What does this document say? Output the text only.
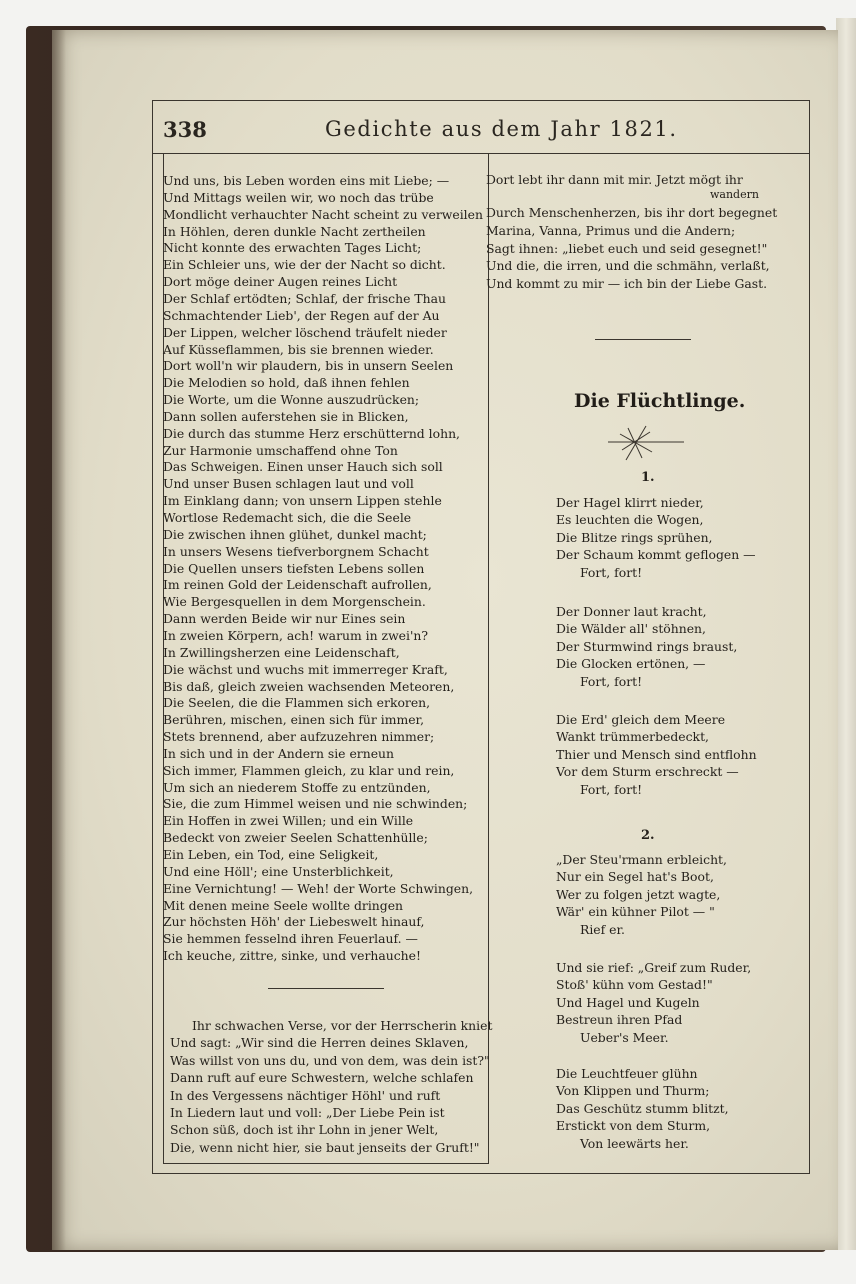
338	Gedichte aus dem Jahr 1821.
Und uns, bis Leben worden eins mit Liebe; —
Und Mittags weilen wir, wo noch das trübe
Mondlicht verhauchter Nacht scheint zu verweilen
In Höhlen, deren dunkle Nacht zertheilen
Nicht konnte des erwachten Tages Licht;
Ein Schleier uns, wie der der Nacht so dicht.
Dort möge deiner Augen reines Licht
Der Schlaf ertödten; Schlaf, der frische Thau
Schmachtender Lieb', der Regen auf der Au
Der Lippen, welcher löschend träufelt nieder
Auf Küsseflammen, bis sie brennen wieder.
Dort woll'n wir plaudern, bis in unsern Seelen
Die Melodien so hold, daß ihnen fehlen
Die Worte, um die Wonne auszudrücken;
Dann sollen auferstehen sie in Blicken,
Die durch das stumme Herz erschütternd lohn,
Zur Harmonie umschaffend ohne Ton
Das Schweigen. Einen unser Hauch sich soll
Und unser Busen schlagen laut und voll
Im Einklang dann; von unsern Lippen stehle
Wortlose Redemacht sich, die die Seele
Die zwischen ihnen glühet, dunkel macht;
In unsers Wesens tiefverborgnem Schacht
Die Quellen unsers tiefsten Lebens sollen
Im reinen Gold der Leidenschaft aufrollen,
Wie Bergesquellen in dem Morgenschein.
Dann werden Beide wir nur Eines sein
In zweien Körpern, ach! warum in zwei'n?
In Zwillingsherzen eine Leidenschaft,
Die wächst und wuchs mit immerreger Kraft,
Bis daß, gleich zweien wachsenden Meteoren,
Die Seelen, die die Flammen sich erkoren,
Berühren, mischen, einen sich für immer,
Stets brennend, aber aufzuzehren nimmer;
In sich und in der Andern sie erneun
Sich immer, Flammen gleich, zu klar und rein,
Um sich an niederem Stoffe zu entzünden,
Sie, die zum Himmel weisen und nie schwinden;
Ein Hoffen in zwei Willen; und ein Wille
Bedeckt von zweier Seelen Schattenhülle;
Ein Leben, ein Tod, eine Seligkeit,
Und eine Höll'; eine Unsterblichkeit,
Eine Vernichtung! — Weh! der Worte Schwingen,
Mit denen meine Seele wollte dringen
Zur höchsten Höh' der Liebeswelt hinauf,
Sie hemmen fesselnd ihren Feuerlauf. —
Ich keuche, zittre, sinke, und verhauche!
Ihr schwachen Verse, vor der Herrscherin kniet
Und sagt: „Wir sind die Herren deines Sklaven,
Was willst von uns du, und von dem, was dein ist?"
Dann ruft auf eure Schwestern, welche schlafen
In des Vergessens nächtiger Höhl' und ruft
In Liedern laut und voll: „Der Liebe Pein ist
Schon süß, doch ist ihr Lohn in jener Welt,
Die, wenn nicht hier, sie baut jenseits der Gruft!"
Dort lebt ihr dann mit mir. Jetzt mögt ihr
wandern
Durch Menschenherzen, bis ihr dort begegnet
Marina, Vanna, Primus und die Andern;
Sagt ihnen: „liebet euch und seid gesegnet!"
Und die, die irren, und die schmähn, verlaßt,
Und kommt zu mir — ich bin der Liebe Gast.
Die Flüchtlinge.
1.
2.
Der Hagel klirrt nieder,
Es leuchten die Wogen,
Die Blitze rings sprühen,
Der Schaum kommt geflogen —
Fort, fort!
Der Donner laut kracht,
Die Wälder all' stöhnen,
Der Sturmwind rings braust,
Die Glocken ertönen, —
Fort, fort!
Die Erd' gleich dem Meere
Wankt trümmerbedeckt,
Thier und Mensch sind entflohn
Vor dem Sturm erschreckt —
Fort, fort!
„Der Steu'rmann erbleicht,
Nur ein Segel hat's Boot,
Wer zu folgen jetzt wagte,
Wär' ein kühner Pilot — "
Rief er.
Und sie rief: „Greif zum Ruder,
Stoß' kühn vom Gestad!"
Und Hagel und Kugeln
Bestreun ihren Pfad
Ueber's Meer.
Die Leuchtfeuer glühn
Von Klippen und Thurm;
Das Geschütz stumm blitzt,
Erstickt von dem Sturm,
Von leewärts her.
